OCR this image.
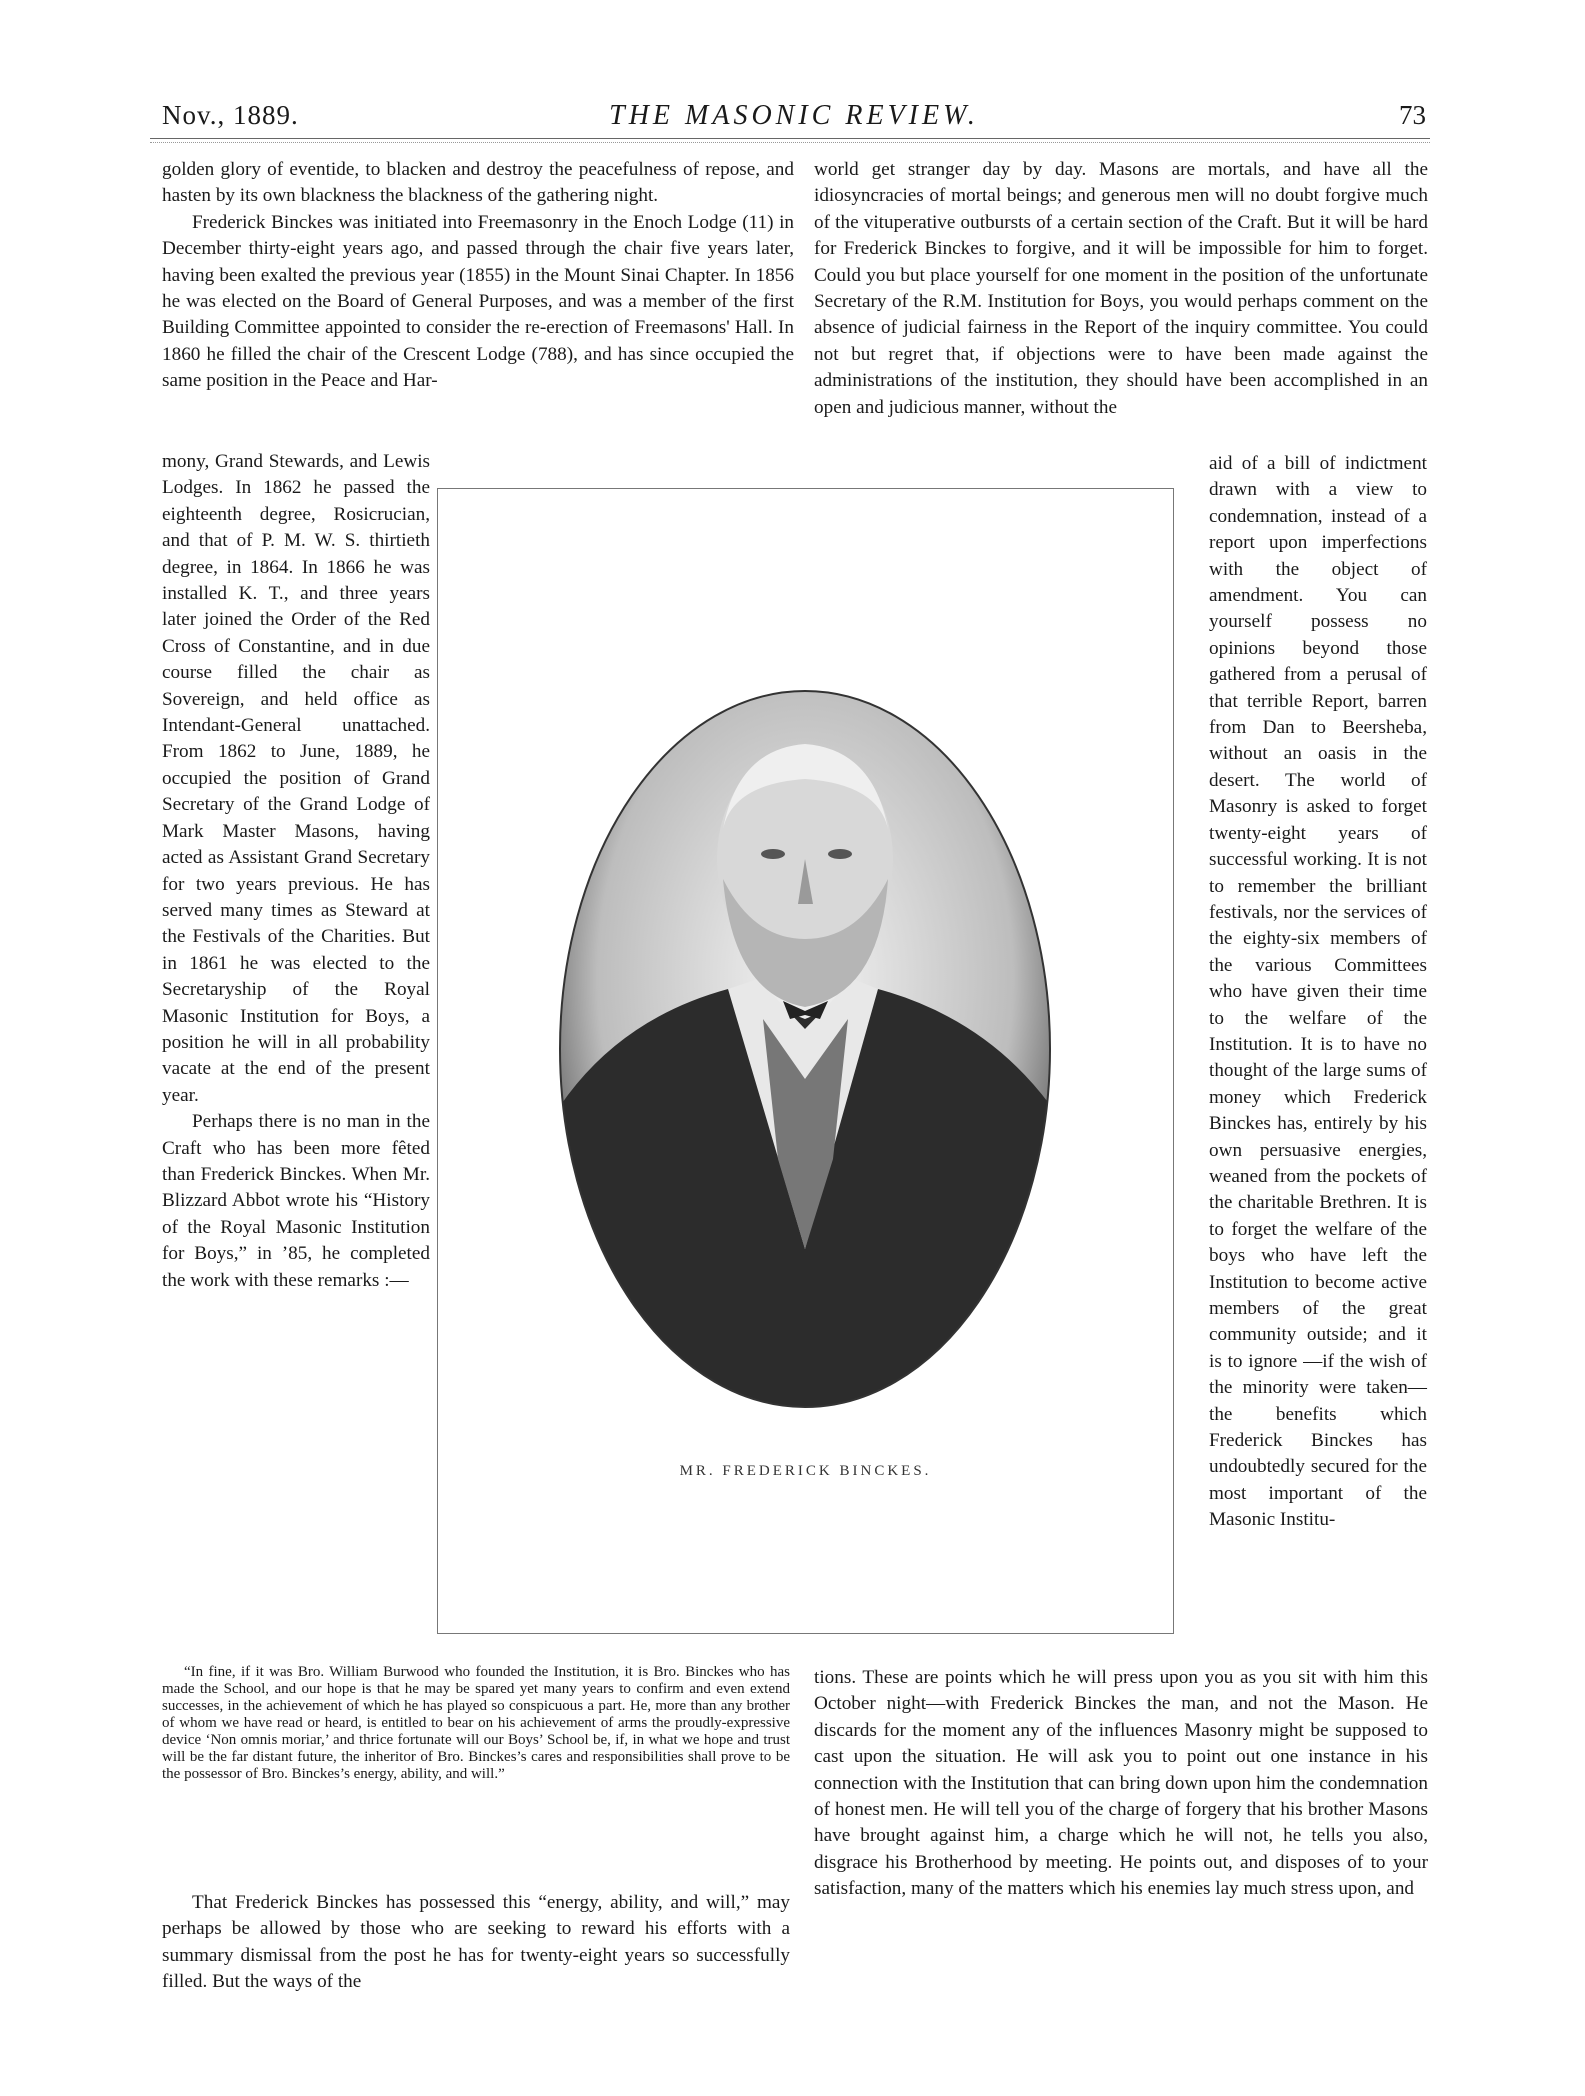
Nov., 1889.	THE MASONIC REVIEW.	73

golden glory of eventide, to blacken and destroy the peacefulness of repose, and hasten by its own blackness the blackness of the gathering night.

Frederick Binckes was initiated into Freemasonry in the Enoch Lodge (11) in December thirty-eight years ago, and passed through the chair five years later, having been exalted the previous year (1855) in the Mount Sinai Chapter. In 1856 he was elected on the Board of General Purposes, and was a member of the first Building Committee appointed to consider the re-erection of Freemasons' Hall. In 1860 he filled the chair of the Crescent Lodge (788), and has since occupied the same position in the Peace and Har-

mony, Grand Stewards, and Lewis Lodges. In 1862 he passed the eighteenth degree, Rosicrucian, and that of P. M. W. S. thirtieth degree, in 1864. In 1866 he was installed K. T., and three years later joined the Order of the Red Cross of Constantine, and in due course filled the chair as Sovereign, and held office as Intendant-General unattached. From 1862 to June, 1889, he occupied the position of Grand Secretary of the Grand Lodge of Mark Master Masons, having acted as Assistant Grand Secretary for two years previous. He has served many times as Steward at the Festivals of the Charities. But in 1861 he was elected to the Secretaryship of the Royal Masonic Institution for Boys, a position he will in all probability vacate at the end of the present year.

Perhaps there is no man in the Craft who has been more fêted than Frederick Binckes. When Mr. Blizzard Abbot wrote his “History of the Royal Masonic Institution for Boys,” in ’85, he completed the work with these remarks :—

world get stranger day by day. Masons are mortals, and have all the idiosyncracies of mortal beings; and generous men will no doubt forgive much of the vituperative outbursts of a certain section of the Craft. But it will be hard for Frederick Binckes to forgive, and it will be impossible for him to forget. Could you but place yourself for one moment in the position of the unfortunate Secretary of the R.M. Institution for Boys, you would perhaps comment on the absence of judicial fairness in the Report of the inquiry committee. You could not but regret that, if objections were to have been made against the administrations of the institution, they should have been accomplished in an open and judicious manner, without the

aid of a bill of indictment drawn with a view to condemnation, instead of a report upon imperfections with the object of amendment. You can yourself possess no opinions beyond those gathered from a perusal of that terrible Report, barren from Dan to Beersheba, without an oasis in the desert. The world of Masonry is asked to forget twenty-eight years of successful working. It is not to remember the brilliant festivals, nor the services of the eighty-six members of the various Committees who have given their time to the welfare of the Institution. It is to have no thought of the large sums of money which Frederick Binckes has, entirely by his own persuasive energies, weaned from the pockets of the charitable Brethren. It is to forget the welfare of the boys who have left the Institution to become active members of the great community outside; and it is to ignore —if the wish of the minority were taken— the benefits which Frederick Binckes has undoubtedly secured for the most important of the Masonic Institu-

MR. FREDERICK BINCKES.

“In fine, if it was Bro. William Burwood who founded the Institution, it is Bro. Binckes who has made the School, and our hope is that he may be spared yet many years to confirm and even extend successes, in the achievement of which he has played so conspicuous a part. He, more than any brother of whom we have read or heard, is entitled to bear on his achievement of arms the proudly-expressive device ‘Non omnis moriar,’ and thrice fortunate will our Boys’ School be, if, in what we hope and trust will be the far distant future, the inheritor of Bro. Binckes’s cares and responsibilities shall prove to be the possessor of Bro. Binckes’s energy, ability, and will.”

That Frederick Binckes has possessed this “energy, ability, and will,” may perhaps be allowed by those who are seeking to reward his efforts with a summary dismissal from the post he has for twenty-eight years so successfully filled. But the ways of the

tions. These are points which he will press upon you as you sit with him this October night—with Frederick Binckes the man, and not the Mason. He discards for the moment any of the influences Masonry might be supposed to cast upon the situation. He will ask you to point out one instance in his connection with the Institution that can bring down upon him the condemnation of honest men. He will tell you of the charge of forgery that his brother Masons have brought against him, a charge which he will not, he tells you also, disgrace his Brotherhood by meeting. He points out, and disposes of to your satisfaction, many of the matters which his enemies lay much stress upon, and
